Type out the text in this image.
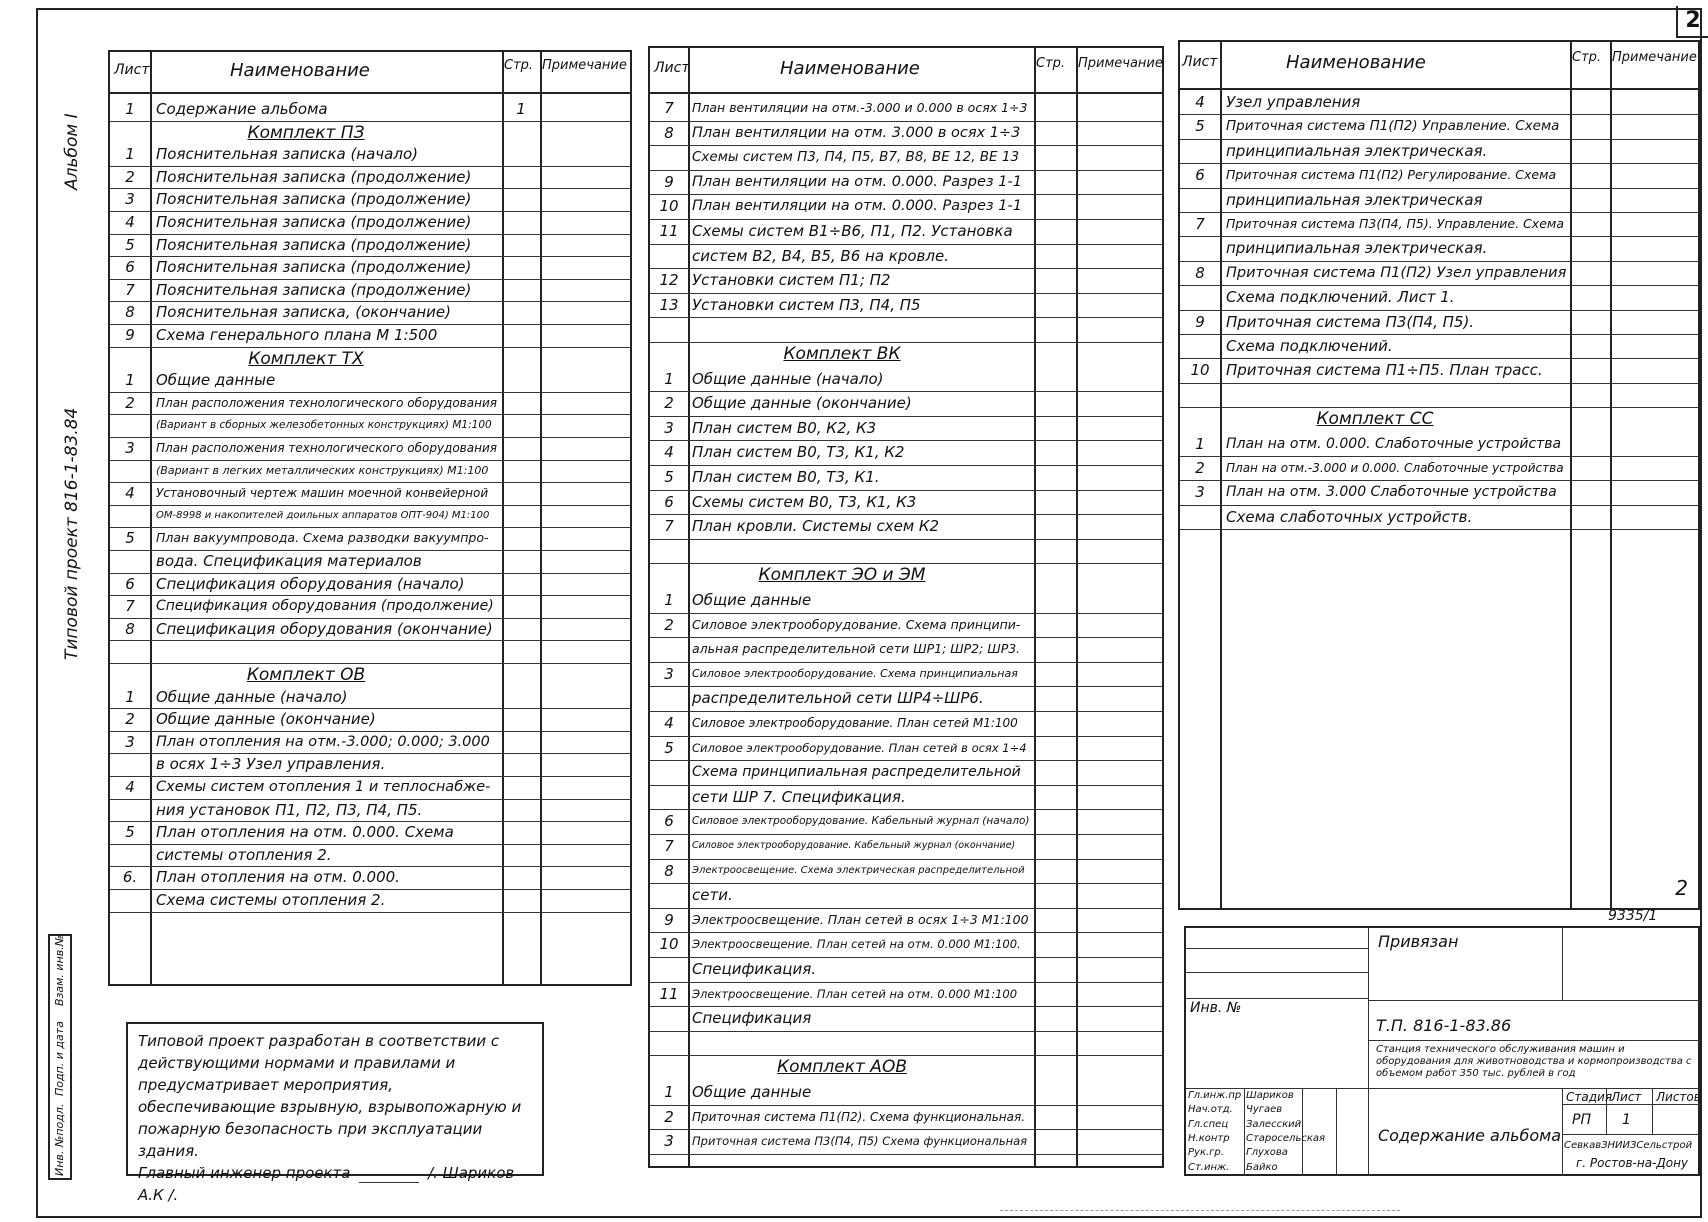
2
Альбом I
Типовой проект 816-1-83.84
Инв. №подл.
Подп. и дата
Взам. инв.№
Лист	Наименование	Стр. Примечание
1	Содержание альбома	1
Комплект ПЗ
1	Пояснительная записка (начало)
2	Пояснительная записка (продолжение)
3	Пояснительная записка (продолжение)
4	Пояснительная записка (продолжение)
5	Пояснительная записка (продолжение)
6	Пояснительная записка (продолжение)
7	Пояснительная записка (продолжение)
8	Пояснительная записка, (окончание)
9	Схема генерального плана М 1:500
Комплект ТХ
1	Общие данные
2	План расположения технологического оборудования
(Вариант в сборных железобетонных конструкциях) М1:100
3	План расположения технологического оборудования
(Вариант в легких металлических конструкциях) М1:100
4	Установочный чертеж машин моечной конвейерной
ОМ-8998 и накопителей доильных аппаратов ОПТ-904) М1:100
5	План вакуумпровода. Схема разводки вакуумпро-
вода. Спецификация материалов
6	Спецификация оборудования (начало)
7	Спецификация оборудования (продолжение)
8	Спецификация оборудования (окончание)
Комплект ОВ
1	Общие данные (начало)
2	Общие данные (окончание)
3	План отопления на отм.-3.000; 0.000; 3.000
в осях 1÷3 Узел управления.
4	Схемы систем отопления 1 и теплоснабже-
ния установок П1, П2, П3, П4, П5.
5	План отопления на отм. 0.000. Схема
системы отопления 2.
6.	План отопления на отм. 0.000.
Схема системы отопления 2.
Лист	Наименование	Стр. Примечание
7	План вентиляции на отм.-3.000 и 0.000 в осях 1÷3
8	План вентиляции на отм. 3.000 в осях 1÷3
Схемы систем П3, П4, П5, В7, В8, ВЕ 12, ВЕ 13
9	План вентиляции на отм. 0.000. Разрез 1-1
10 План вентиляции на отм. 0.000. Разрез 1-1
11 Схемы систем В1÷В6, П1, П2. Установка
систем В2, В4, В5, В6 на кровле.
12 Установки систем П1; П2
13 Установки систем П3, П4, П5
Комплект ВК
1	Общие данные (начало)
2	Общие данные (окончание)
3	План систем В0, К2, К3
4	План систем В0, Т3, К1, К2
5	План систем В0, Т3, К1.
6	Схемы систем В0, Т3, К1, К3
7	План кровли. Системы схем К2
Комплект ЭО и ЭМ
1	Общие данные
2	Силовое электрооборудование. Схема принципи-
альная распределительной сети ШР1; ШР2; ШР3.
3	Силовое электрооборудование. Схема принципиальная
распределительной сети ШР4÷ШР6.
4	Силовое электрооборудование. План сетей М1:100
5	Силовое электрооборудование. План сетей в осях 1÷4
Схема принципиальная распределительной
сети ШР 7. Спецификация.
6	Силовое электрооборудование. Кабельный журнал (начало)
7	Силовое электрооборудование. Кабельный журнал (окончание)
8	Электроосвещение. Схема электрическая распределительной
сети.
9	Электроосвещение. План сетей в осях 1÷3 М1:100
10	Электроосвещение. План сетей на отм. 0.000 М1:100.
Спецификация.
11	Электроосвещение. План сетей на отм. 0.000 М1:100
Спецификация
Комплект АОВ
1	Общие данные
2	Приточная система П1(П2). Схема функциональная.
3	Приточная система П3(П4, П5) Схема функциональная
Лист	Наименование	Стр. Примечание
2
4	Узел управления
5	Приточная система П1(П2) Управление. Схема
принципиальная электрическая.
6	Приточная система П1(П2) Регулирование. Схема
принципиальная электрическая
7	Приточная система П3(П4, П5). Управление. Схема
принципиальная электрическая.
8	Приточная система П1(П2) Узел управления
Схема подключений. Лист 1.
9	Приточная система П3(П4, П5).
Схема подключений.
10	Приточная система П1÷П5. План трасс.
Комплект СС
1	План на отм. 0.000. Слаботочные устройства
2	План на отм.-3.000 и 0.000. Слаботочные устройства
3	План на отм. 3.000 Слаботочные устройства
Схема слаботочных устройств.
9335/1
Типовой проект разработан в соответствии с действующими нормами и правилами и предусматривает мероприятия, обеспечивающие взрывную, взрывопожарную и пожарную безопасность при эксплуатации здания.
Главный инженер проекта	/. Шариков А.К /.
Привязан
Инв. №
Т.П. 816-1-83.86
Станция технического обслуживания машин и оборудования для животноводства и кормопроизводства с объемом работ 350 тыс. рублей в год
Стадия
Лист Листов
РП 1
Содержание альбома
СевкавЗНИИЗСельстрой
г. Ростов-на-Дону
Гл.инж.пр Шариков
Нач.отд. Чугаев
Гл.спец Залесский
Н.контр Старосельская
Рук.гр. Глухова
Ст.инж. Байко
